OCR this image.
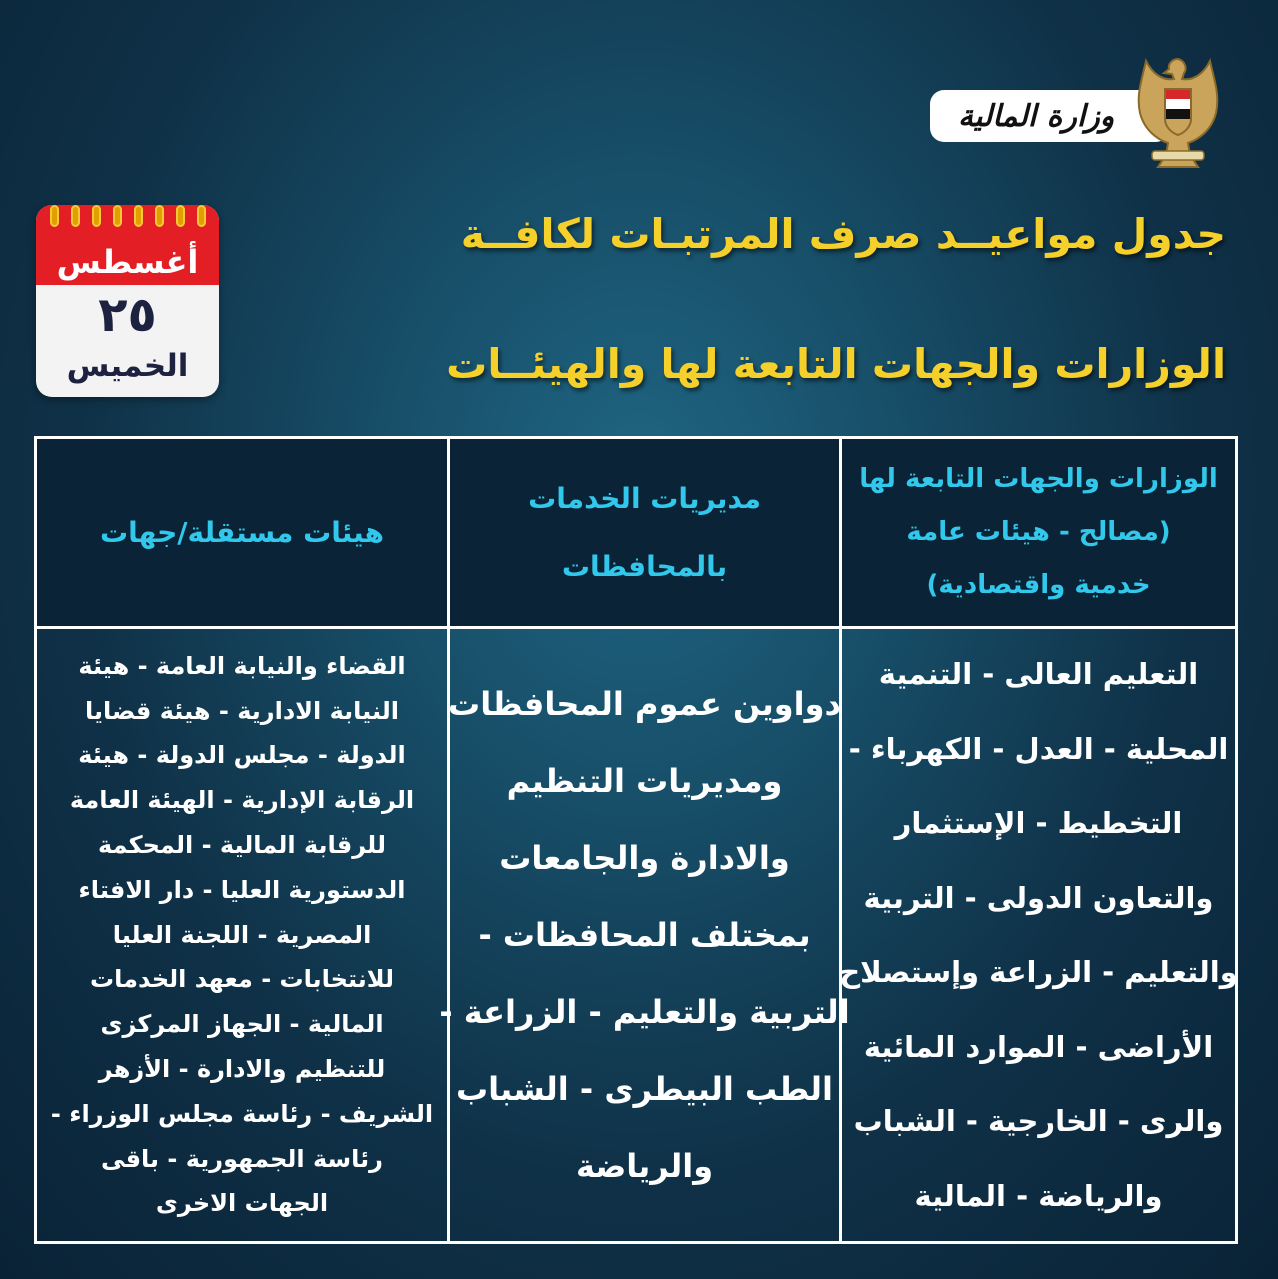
وزارة المالية
جدول مواعيــد صرف المرتبـات لكافــة
الوزارات والجهات التابعة لها والهيئــات
أغسطس
٢٥
الخميس
الوزارات والجهات التابعة لها
(مصالح - هيئات عامة
خدمية واقتصادية)
التعليم العالى - التنمية
المحلية - العدل - الكهرباء -
التخطيط - الإستثمار
والتعاون الدولى - التربية
والتعليم - الزراعة وإستصلاح
الأراضى - الموارد المائية
والرى - الخارجية - الشباب
والرياضة - المالية
مديريات الخدمات
بالمحافظات
دواوين عموم المحافظات
ومديريات التنظيم
والادارة والجامعات
بمختلف المحافظات -
التربية والتعليم - الزراعة -
الطب البيطرى - الشباب
والرياضة
هيئات مستقلة/جهات
القضاء والنيابة العامة - هيئة
النيابة الادارية - هيئة قضايا
الدولة - مجلس الدولة - هيئة
الرقابة الإدارية - الهيئة العامة
للرقابة المالية - المحكمة
الدستورية العليا - دار الافتاء
المصرية - اللجنة العليا
للانتخابات - معهد الخدمات
المالية - الجهاز المركزى
للتنظيم والادارة - الأزهر
الشريف - رئاسة مجلس الوزراء -
رئاسة الجمهورية - باقى
الجهات الاخرى
